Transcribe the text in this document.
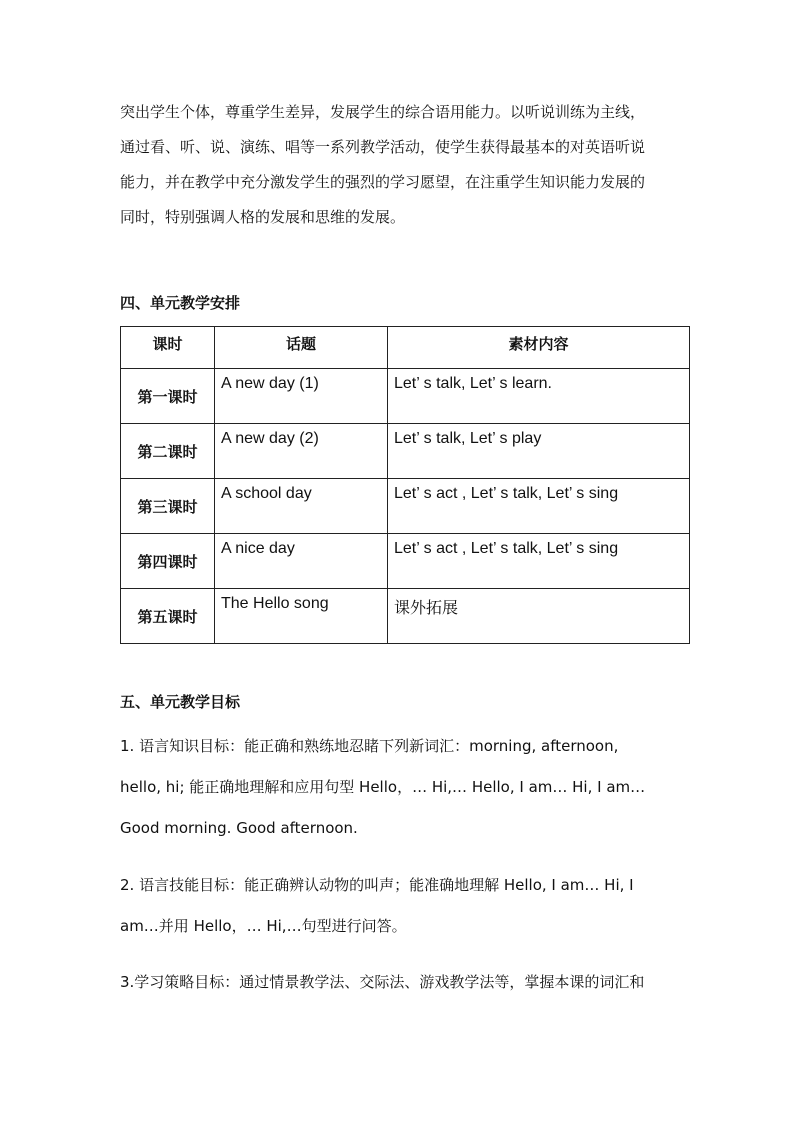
突出学生个体，尊重学生差异，发展学生的综合语用能力。以听说训练为主线，
通过看、听、说、演练、唱等一系列教学活动，使学生获得最基本的对英语听说
能力，并在教学中充分激发学生的强烈的学习愿望，在注重学生知识能力发展的
同时，特别强调人格的发展和思维的发展。
四、单元教学安排
课时	话题	素材内容
第一课时	A new day (1)	Let’ s talk, Let’ s learn.
第二课时	A new day (2)	Let’ s talk, Let’ s play
第三课时	A school day	Let’ s act , Let’ s talk, Let’ s sing
第四课时	A nice day	Let’ s act , Let’ s talk, Let’ s sing
第五课时	The Hello song	课外拓展
五、单元教学目标
1. 语言知识目标：能正确和熟练地忍睹下列新词汇：morning, afternoon,
hello, hi; 能正确地理解和应用句型 Hello，… Hi,… Hello, I am… Hi, I am…
Good morning. Good afternoon.
2. 语言技能目标：能正确辨认动物的叫声；能准确地理解 Hello, I am… Hi, I
am…并用 Hello，… Hi,…句型进行问答。
3.学习策略目标：通过情景教学法、交际法、游戏教学法等，掌握本课的词汇和
